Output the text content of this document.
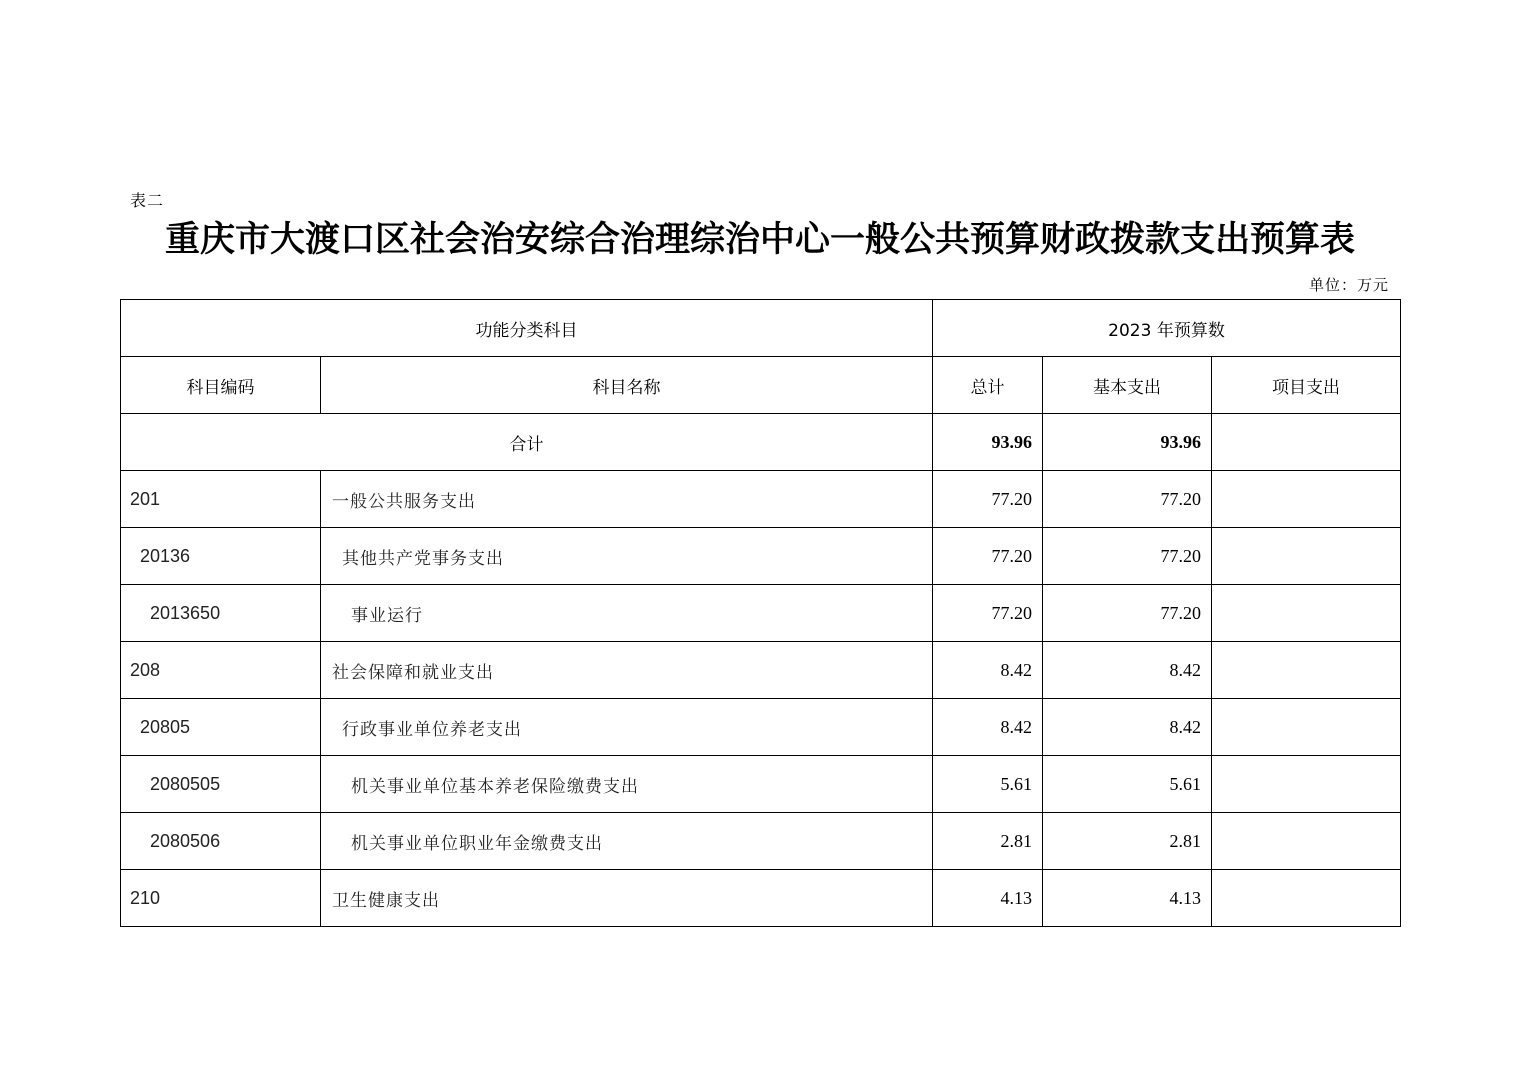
表二
重庆市大渡口区社会治安综合治理综治中心一般公共预算财政拨款支出预算表
单位：万元
功能分类科目		2023 年预算数		
科目编码	科目名称	总计	基本支出	项目支出
合计		93.96	93.96	
201	一般公共服务支出	77.20	77.20	
20136	其他共产党事务支出	77.20	77.20	
2013650	事业运行	77.20	77.20	
208	社会保障和就业支出	8.42	8.42	
20805	行政事业单位养老支出	8.42	8.42	
2080505	机关事业单位基本养老保险缴费支出	5.61	5.61	
2080506	机关事业单位职业年金缴费支出	2.81	2.81	
210	卫生健康支出	4.13	4.13	
